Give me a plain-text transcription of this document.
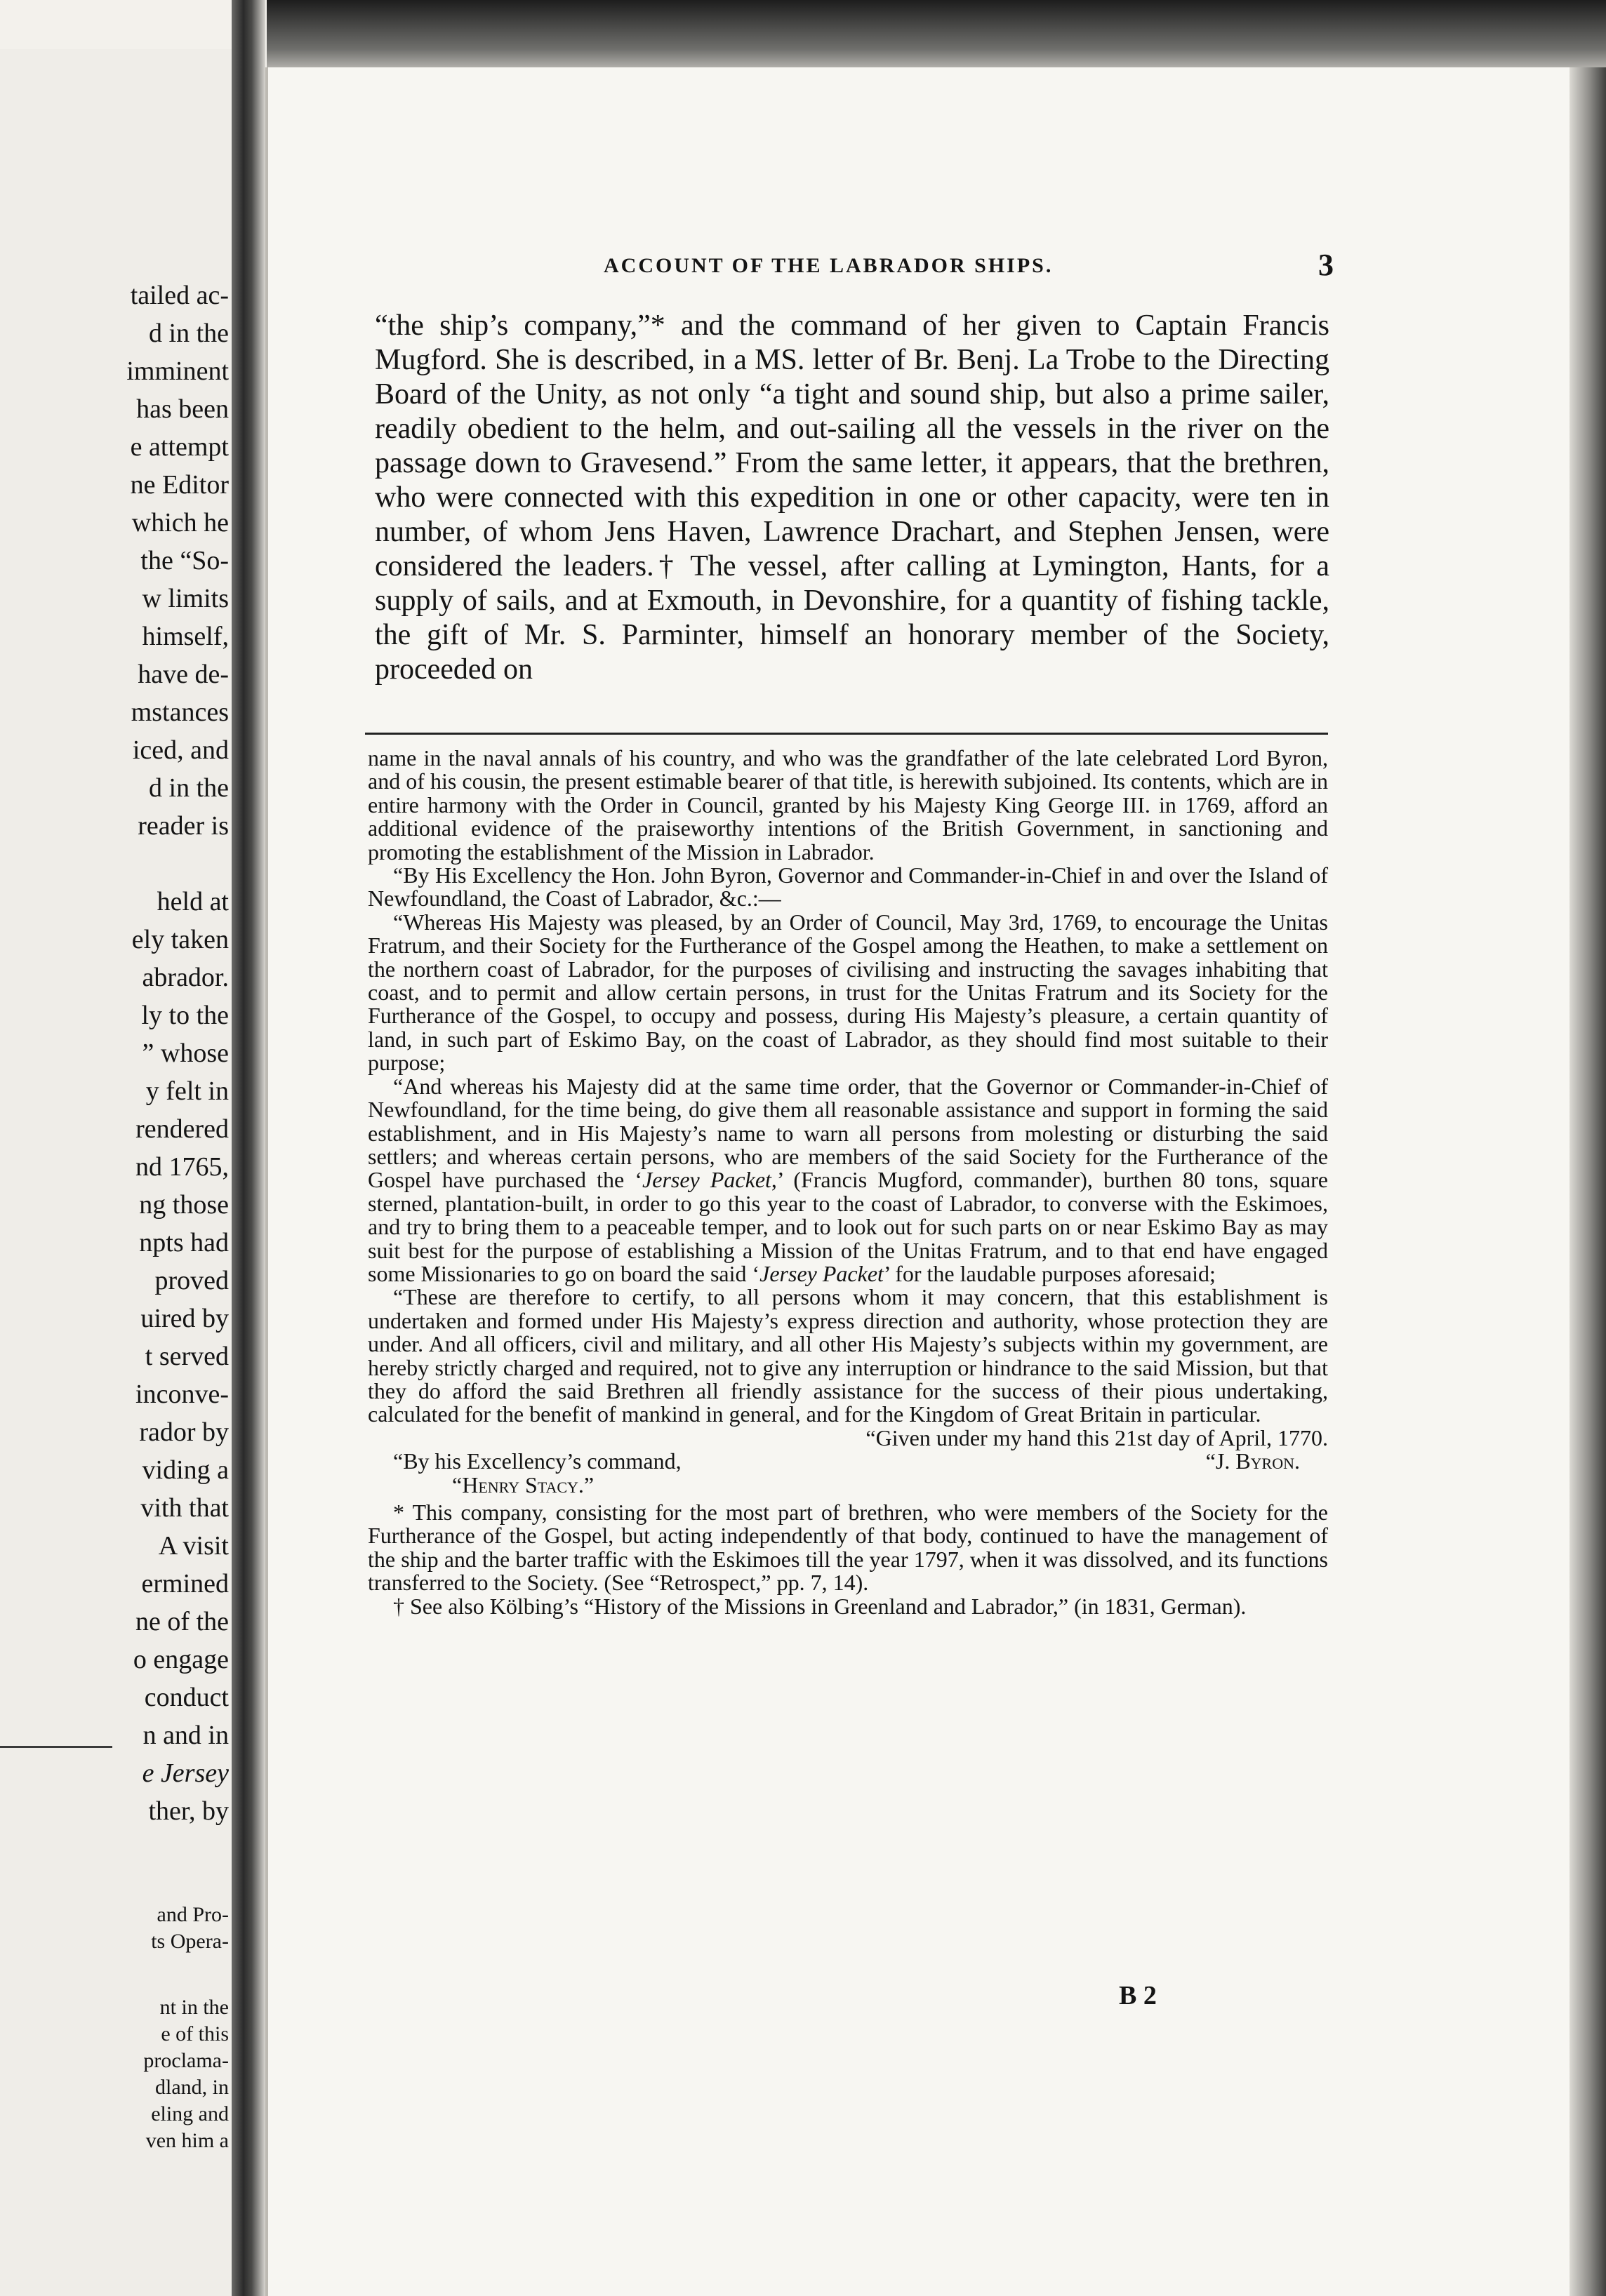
tailed ac-
d in the
imminent
has been
e attempt
ne Editor
which he
the “So-
w limits
himself,
have de-
mstances
iced, and
d in the
reader is
held at
ely taken
abrador.
ly to the
” whose
y felt in
rendered
nd 1765,
ng those
npts had
proved
uired by
t served
inconve-
rador by
viding a
vith that
A visit
ermined
ne of the
o engage
conduct
n and in
e Jersey
ther, by
and Pro-
ts Opera-
nt in the
e of this
proclama-
dland, in
eling and
ven him a
ACCOUNT OF THE LABRADOR SHIPS.	3

“the ship’s company,”* and the command of her given to Captain Francis Mugford. She is described, in a MS. letter of Br. Benj. La Trobe to the Directing Board of the Unity, as not only “a tight and sound ship, but also a prime sailer, readily obedient to the helm, and out-sailing all the vessels in the river on the passage down to Gravesend.” From the same letter, it appears, that the brethren, who were connected with this expedition in one or other capacity, were ten in number, of whom Jens Haven, Lawrence Drachart, and Stephen Jensen, were considered the leaders.† The vessel, after calling at Lymington, Hants, for a supply of sails, and at Exmouth, in Devonshire, for a quantity of fishing tackle, the gift of Mr. S. Parminter, himself an honorary member of the Society, proceeded on

name in the naval annals of his country, and who was the grandfather of the late celebrated Lord Byron, and of his cousin, the present estimable bearer of that title, is herewith subjoined. Its contents, which are in entire harmony with the Order in Council, granted by his Majesty King George III. in 1769, afford an additional evidence of the praiseworthy intentions of the British Government, in sanctioning and promoting the establishment of the Mission in Labrador.

“By His Excellency the Hon. John Byron, Governor and Commander-in-Chief in and over the Island of Newfoundland, the Coast of Labrador, &c.:—

“Whereas His Majesty was pleased, by an Order of Council, May 3rd, 1769, to encourage the Unitas Fratrum, and their Society for the Furtherance of the Gospel among the Heathen, to make a settlement on the northern coast of Labrador, for the purposes of civilising and instructing the savages inhabiting that coast, and to permit and allow certain persons, in trust for the Unitas Fratrum and its Society for the Furtherance of the Gospel, to occupy and possess, during His Majesty’s pleasure, a certain quantity of land, in such part of Eskimo Bay, on the coast of Labrador, as they should find most suitable to their purpose;

“And whereas his Majesty did at the same time order, that the Governor or Commander-in-Chief of Newfoundland, for the time being, do give them all reasonable assistance and support in forming the said establishment, and in His Majesty’s name to warn all persons from molesting or disturbing the said settlers; and whereas certain persons, who are members of the said Society for the Furtherance of the Gospel have purchased the ‘Jersey Packet,’ (Francis Mugford, commander), burthen 80 tons, square sterned, plantation-built, in order to go this year to the coast of Labrador, to converse with the Eskimoes, and try to bring them to a peaceable temper, and to look out for such parts on or near Eskimo Bay as may suit best for the purpose of establishing a Mission of the Unitas Fratrum, and to that end have engaged some Missionaries to go on board the said ‘Jersey Packet’ for the laudable purposes aforesaid;

“These are therefore to certify, to all persons whom it may concern, that this establishment is undertaken and formed under His Majesty’s express direction and authority, whose protection they are under. And all officers, civil and military, and all other His Majesty’s subjects within my government, are hereby strictly charged and required, not to give any interruption or hindrance to the said Mission, but that they do afford the said Brethren all friendly assistance for the success of their pious undertaking, calculated for the benefit of mankind in general, and for the Kingdom of Great Britain in particular.

“Given under my hand this 21st day of April, 1770.

“By his Excellency’s command,	“J. Byron.

“Henry Stacy.”

* This company, consisting for the most part of brethren, who were members of the Society for the Furtherance of the Gospel, but acting independently of that body, continued to have the management of the ship and the barter traffic with the Eskimoes till the year 1797, when it was dissolved, and its functions transferred to the Society. (See “Retrospect,” pp. 7, 14).

† See also Kölbing’s “History of the Missions in Greenland and Labrador,” (in 1831, German).

B 2
